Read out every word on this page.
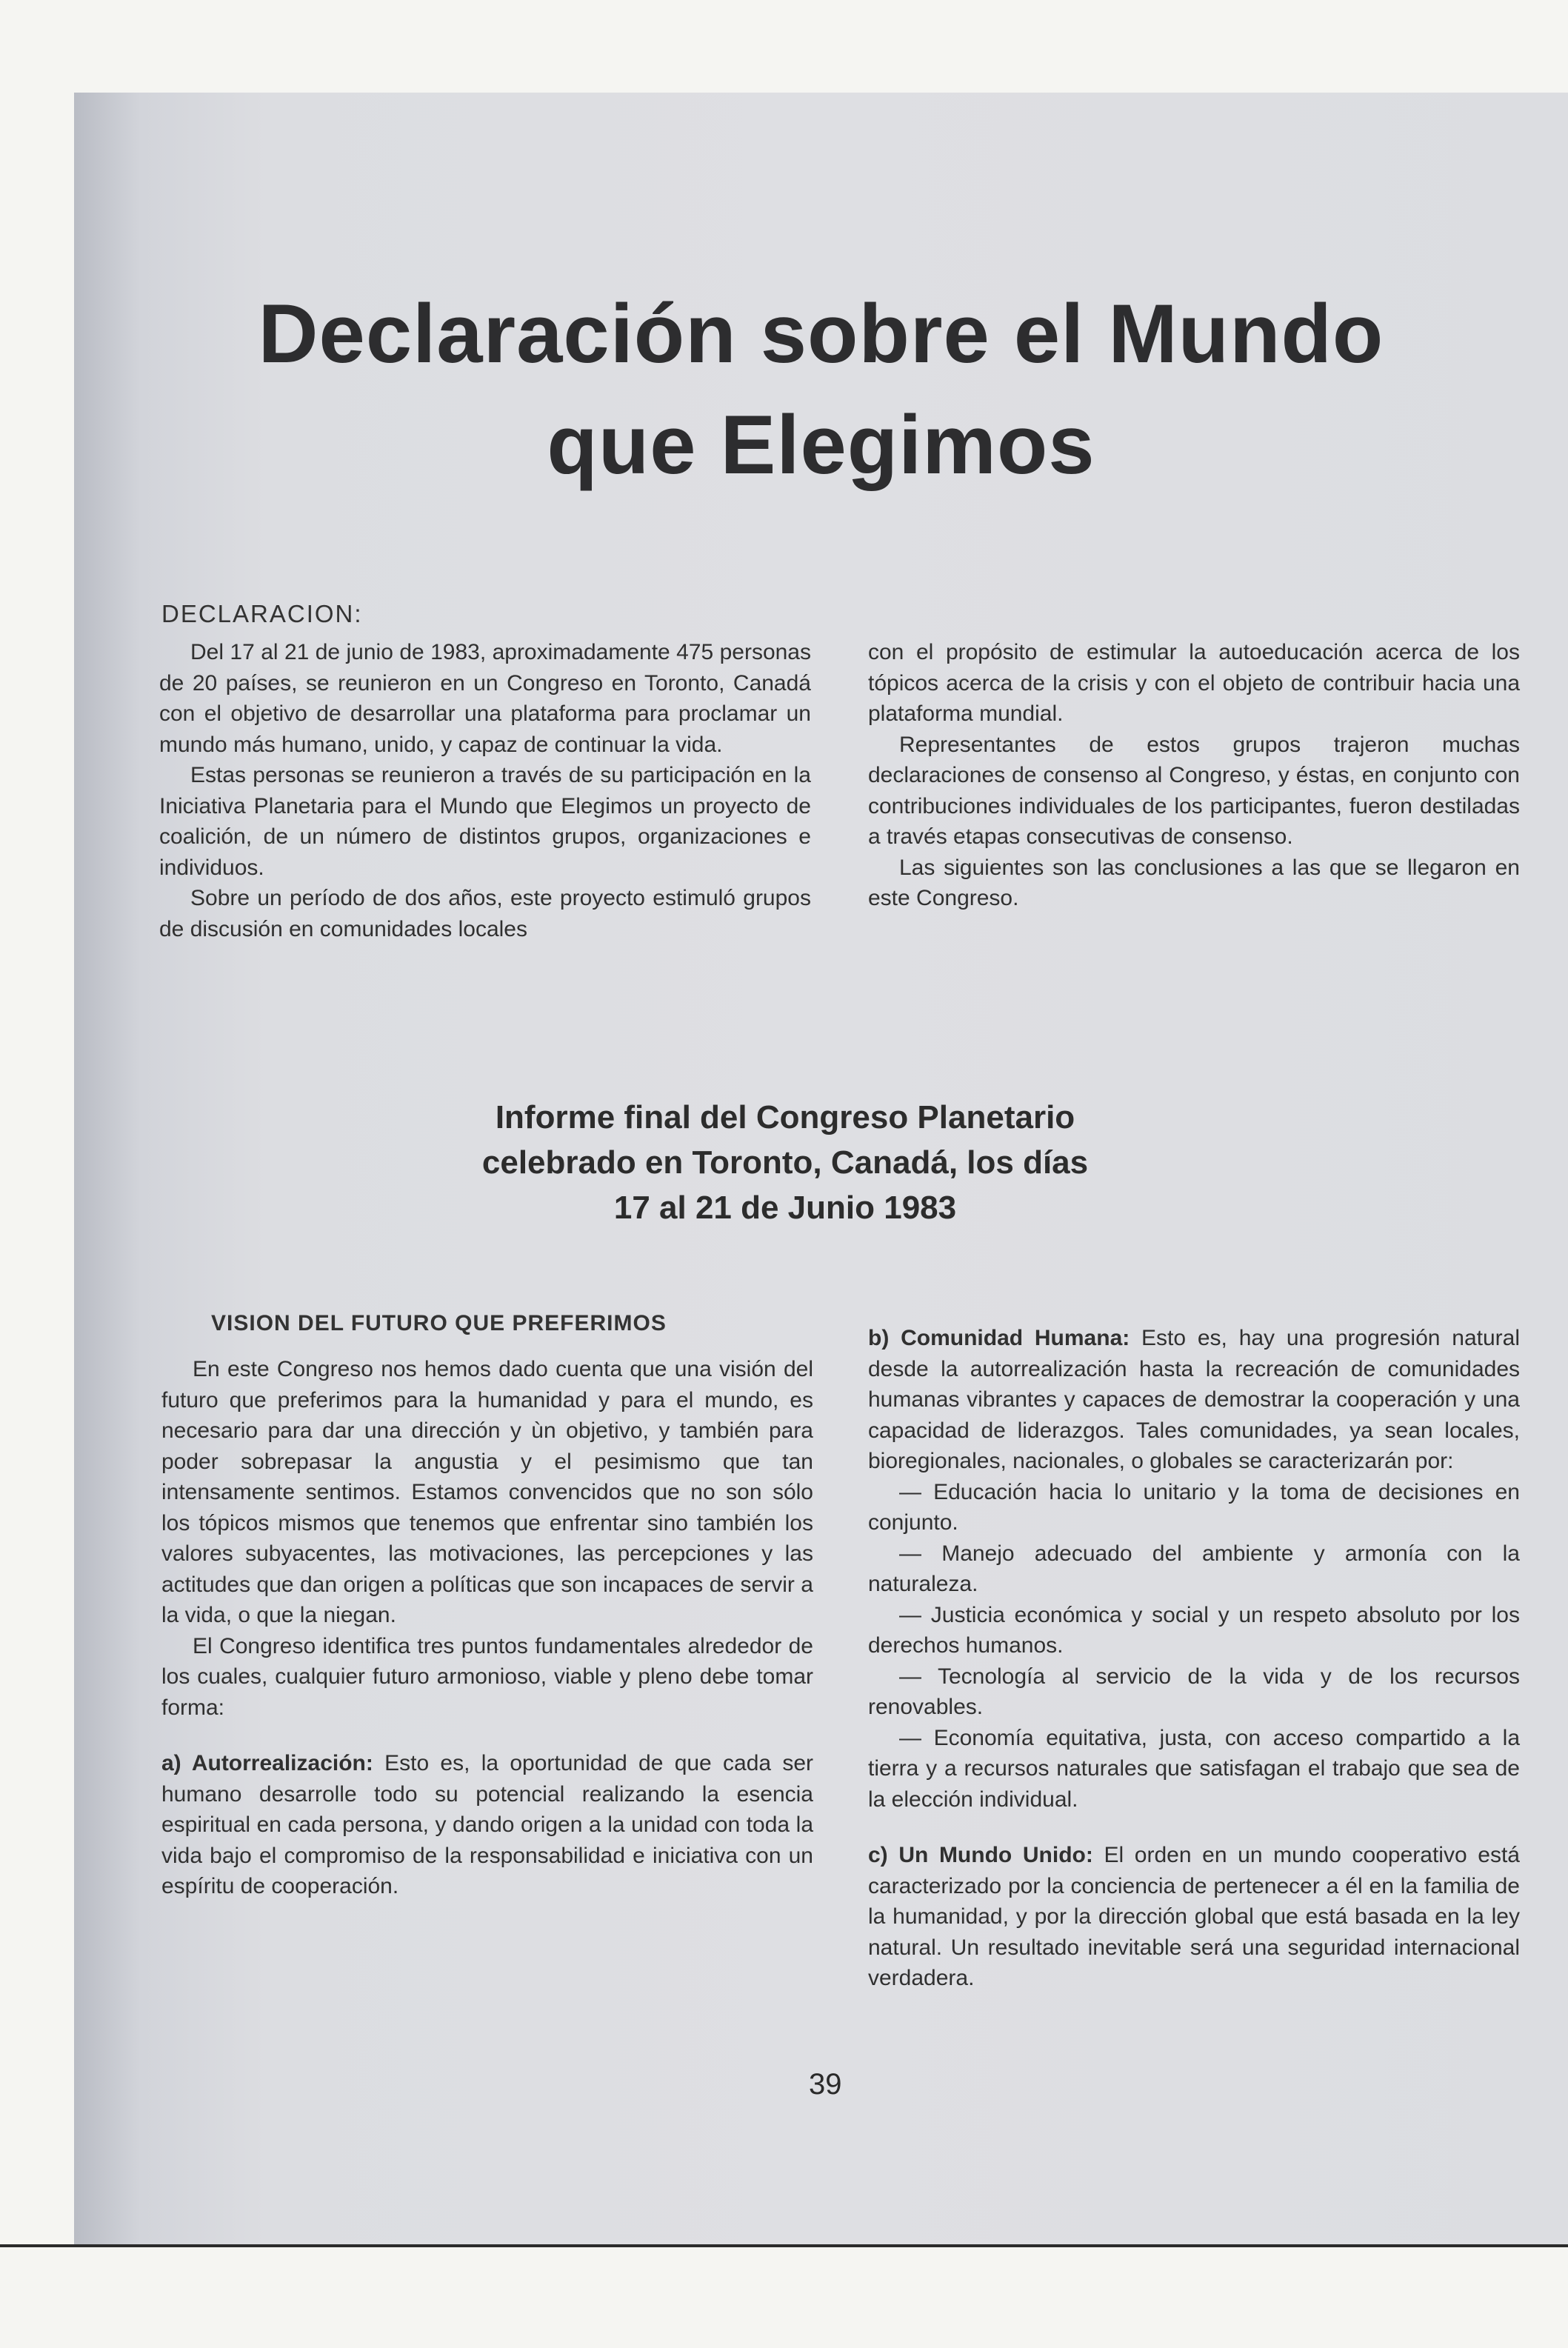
Declaración sobre el Mundo
que Elegimos
DECLARACION:

Del 17 al 21 de junio de 1983, aproximadamente 475 personas de 20 países, se reunieron en un Congreso en Toronto, Canadá con el objetivo de desarrollar una plataforma para proclamar un mundo más humano, unido, y capaz de continuar la vida.

Estas personas se reunieron a través de su participación en la Iniciativa Planetaria para el Mundo que Elegimos un proyecto de coalición, de un número de distintos grupos, organizaciones e individuos.

Sobre un período de dos años, este proyecto estimuló grupos de discusión en comunidades locales

con el propósito de estimular la autoeducación acerca de los tópicos acerca de la crisis y con el objeto de contribuir hacia una plataforma mundial.

Representantes de estos grupos trajeron muchas declaraciones de consenso al Congreso, y éstas, en conjunto con contribuciones individuales de los participantes, fueron destiladas a través etapas consecutivas de consenso.

Las siguientes son las conclusiones a las que se llegaron en este Congreso.

Informe final del Congreso Planetario
celebrado en Toronto, Canadá, los días
17 al 21 de Junio 1983
VISION DEL FUTURO QUE PREFERIMOS

En este Congreso nos hemos dado cuenta que una visión del futuro que preferimos para la humanidad y para el mundo, es necesario para dar una dirección y ùn objetivo, y también para poder sobrepasar la angustia y el pesimismo que tan intensamente sentimos. Estamos convencidos que no son sólo los tópicos mismos que tenemos que enfrentar sino también los valores subyacentes, las motivaciones, las percepciones y las actitudes que dan origen a políticas que son incapaces de servir a la vida, o que la niegan.

El Congreso identifica tres puntos fundamentales alrededor de los cuales, cualquier futuro armonioso, viable y pleno debe tomar forma:

a) Autorrealización: Esto es, la oportunidad de que cada ser humano desarrolle todo su potencial realizando la esencia espiritual en cada persona, y dando origen a la unidad con toda la vida bajo el compromiso de la responsabilidad e iniciativa con un espíritu de cooperación.

b) Comunidad Humana: Esto es, hay una progresión natural desde la autorrealización hasta la recreación de comunidades humanas vibrantes y capaces de demostrar la cooperación y una capacidad de liderazgos. Tales comunidades, ya sean locales, bioregionales, nacionales, o globales se caracterizarán por:

— Educación hacia lo unitario y la toma de decisiones en conjunto.

— Manejo adecuado del ambiente y armonía con la naturaleza.

— Justicia económica y social y un respeto absoluto por los derechos humanos.

— Tecnología al servicio de la vida y de los recursos renovables.

— Economía equitativa, justa, con acceso compartido a la tierra y a recursos naturales que satisfagan el trabajo que sea de la elección individual.

c) Un Mundo Unido: El orden en un mundo cooperativo está caracterizado por la conciencia de pertenecer a él en la familia de la humanidad, y por la dirección global que está basada en la ley natural. Un resultado inevitable será una seguridad internacional verdadera.

39
